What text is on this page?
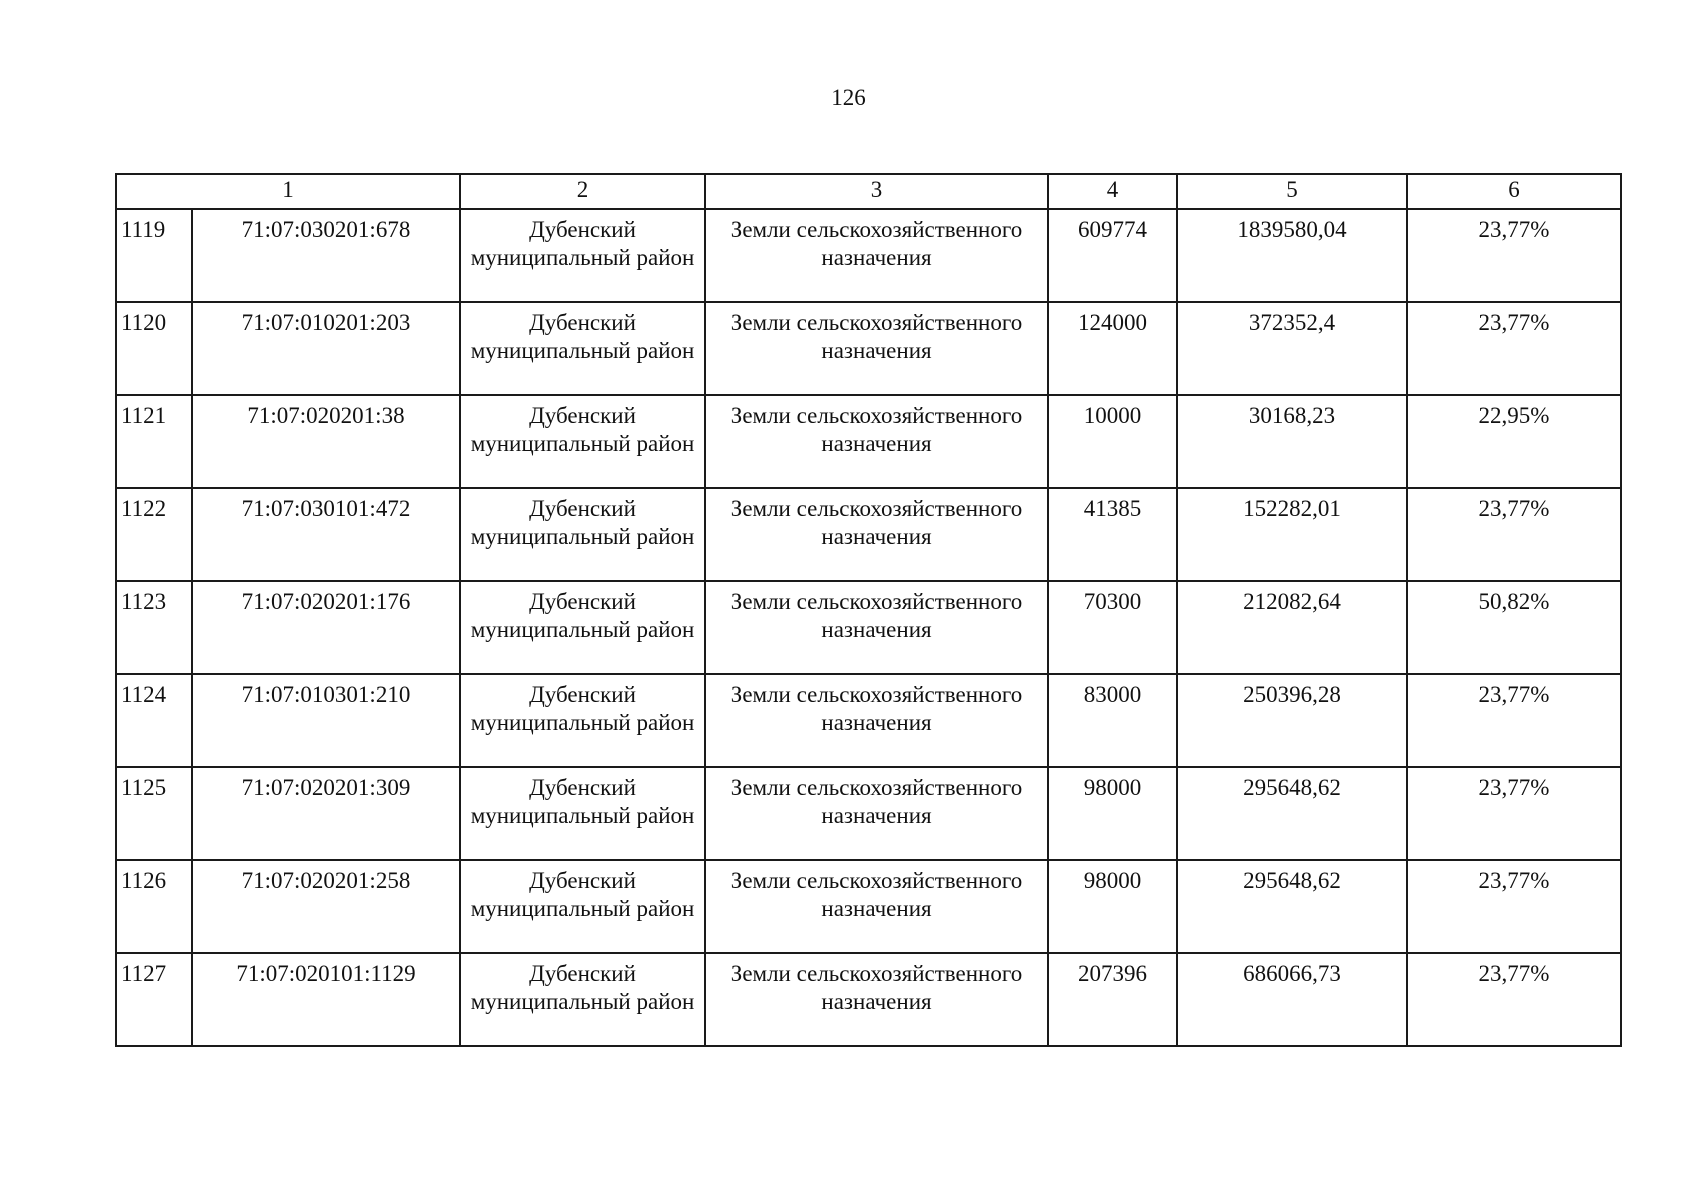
126
1		2	3	4	5	6
1119	71:07:030201:678	Дубенский муниципальный район	Земли сельскохозяйственного назначения	609774	1839580,04	23,77%
1120	71:07:010201:203	Дубенский муниципальный район	Земли сельскохозяйственного назначения	124000	372352,4	23,77%
1121	71:07:020201:38	Дубенский муниципальный район	Земли сельскохозяйственного назначения	10000	30168,23	22,95%
1122	71:07:030101:472	Дубенский муниципальный район	Земли сельскохозяйственного назначения	41385	152282,01	23,77%
1123	71:07:020201:176	Дубенский муниципальный район	Земли сельскохозяйственного назначения	70300	212082,64	50,82%
1124	71:07:010301:210	Дубенский муниципальный район	Земли сельскохозяйственного назначения	83000	250396,28	23,77%
1125	71:07:020201:309	Дубенский муниципальный район	Земли сельскохозяйственного назначения	98000	295648,62	23,77%
1126	71:07:020201:258	Дубенский муниципальный район	Земли сельскохозяйственного назначения	98000	295648,62	23,77%
1127	71:07:020101:1129	Дубенский муниципальный район	Земли сельскохозяйственного назначения	207396	686066,73	23,77%
